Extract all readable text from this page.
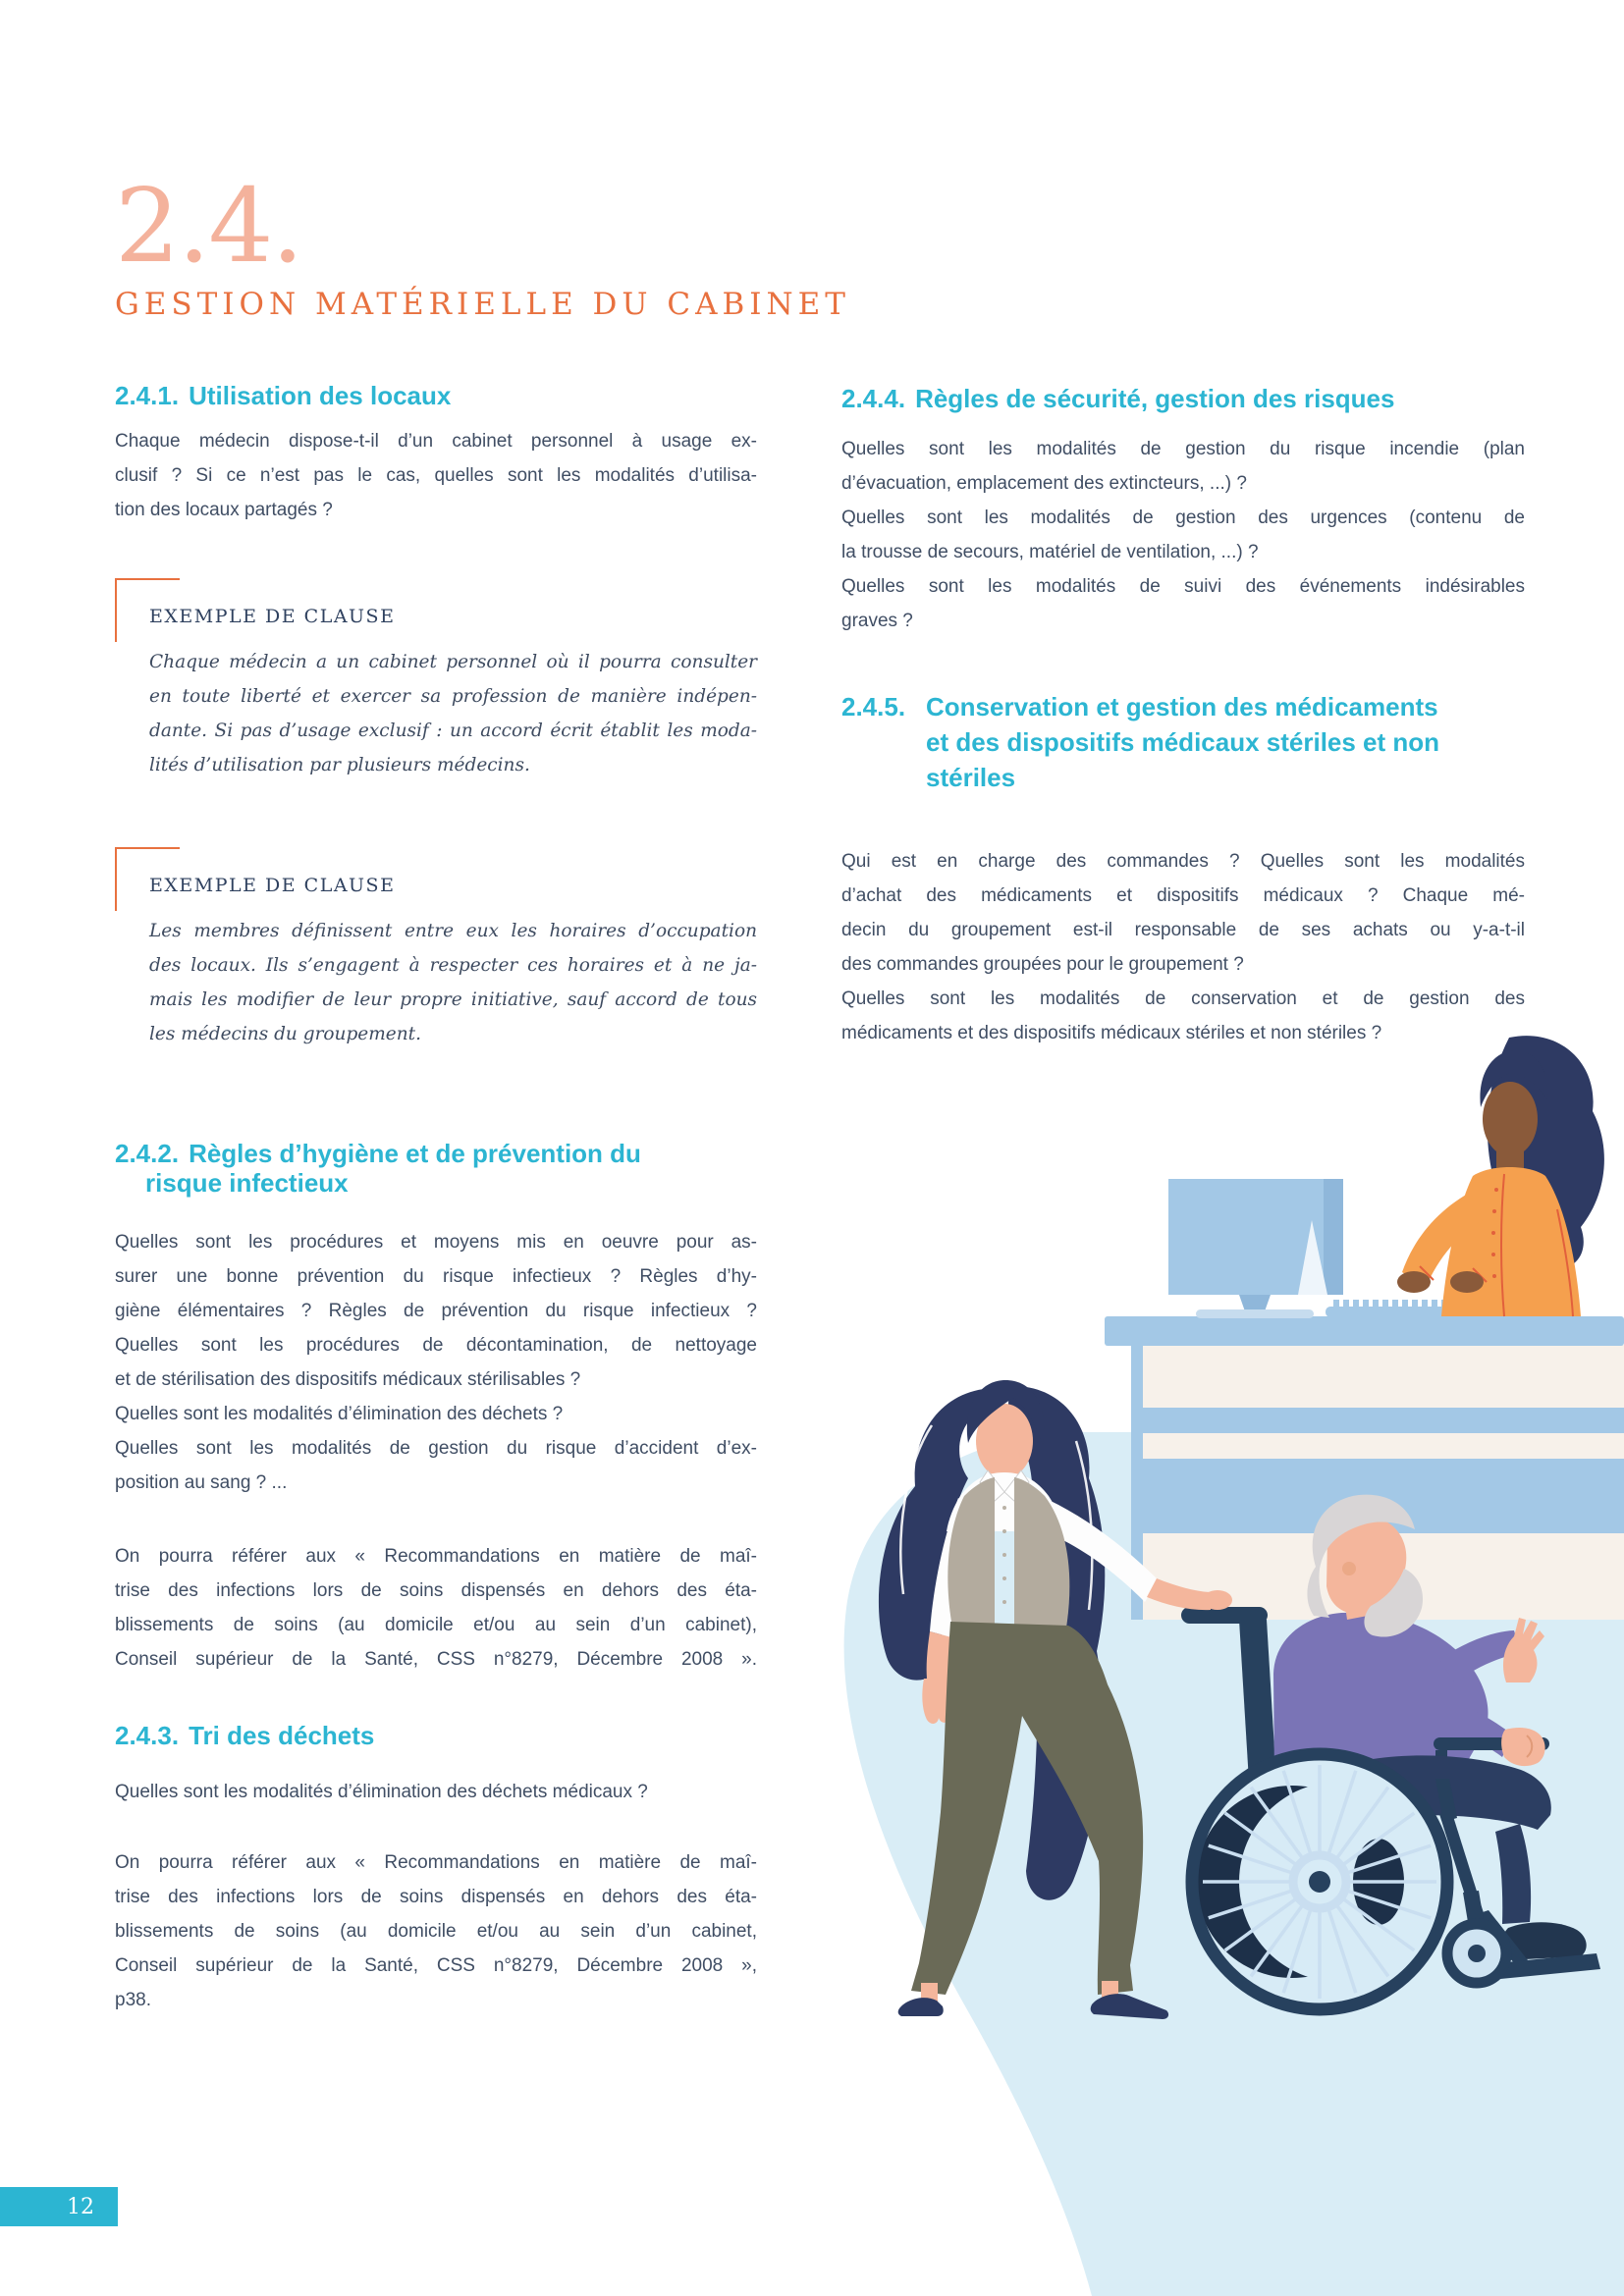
2.4.
GESTION MATÉRIELLE DU CABINET
2.4.1. Utilisation des locaux
Chaque médecin dispose-t-il d’un cabinet personnel à usage ex-
clusif ? Si ce n’est pas le cas, quelles sont les modalités d’utilisa-
tion des locaux partagés ?
EXEMPLE DE CLAUSE
Chaque médecin a un cabinet personnel où il pourra consulter
en toute liberté et exercer sa profession de manière indépen-
dante. Si pas d’usage exclusif : un accord écrit établit les moda-
lités d’utilisation par plusieurs médecins.
EXEMPLE DE CLAUSE
Les membres définissent entre eux les horaires d’occupation
des locaux. Ils s’engagent à respecter ces horaires et à ne ja-
mais les modifier de leur propre initiative, sauf accord de tous
les médecins du groupement.
2.4.2. Règles d’hygiène et de prévention du
risque infectieux
Quelles sont les procédures et moyens mis en oeuvre pour as-
surer une bonne prévention du risque infectieux ? Règles d’hy-
giène élémentaires ? Règles de prévention du risque infectieux ?
Quelles sont les procédures de décontamination, de nettoyage
et de stérilisation des dispositifs médicaux stérilisables ?
Quelles sont les modalités d’élimination des déchets ?
Quelles sont les modalités de gestion du risque d’accident d’ex-
position au sang ? ...
On pourra référer aux « Recommandations en matière de maî-
trise des infections lors de soins dispensés en dehors des éta-
blissements de soins (au domicile et/ou au sein d’un cabinet),
Conseil supérieur de la Santé, CSS n°8279, Décembre 2008 ».
2.4.3. Tri des déchets
Quelles sont les modalités d’élimination des déchets médicaux ?
On pourra référer aux « Recommandations en matière de maî-
trise des infections lors de soins dispensés en dehors des éta-
blissements de soins (au domicile et/ou au sein d’un cabinet,
Conseil supérieur de la Santé, CSS n°8279, Décembre 2008 »,
p38.
2.4.4. Règles de sécurité, gestion des risques
Quelles sont les modalités de gestion du risque incendie (plan
d’évacuation, emplacement des extincteurs, ...) ?
Quelles sont les modalités de gestion des urgences (contenu de
la trousse de secours, matériel de ventilation, ...) ?
Quelles sont les modalités de suivi des événements indésirables
graves ?
2.4.5. Conservation et gestion des médicaments
et des dispositifs médicaux stériles et non
stériles
Qui est en charge des commandes ? Quelles sont les modalités
d’achat des médicaments et dispositifs médicaux ? Chaque mé-
decin du groupement est-il responsable de ses achats ou y-a-t-il
des commandes groupées pour le groupement ?
Quelles sont les modalités de conservation et de gestion des
médicaments et des dispositifs médicaux stériles et non stériles ?
12
